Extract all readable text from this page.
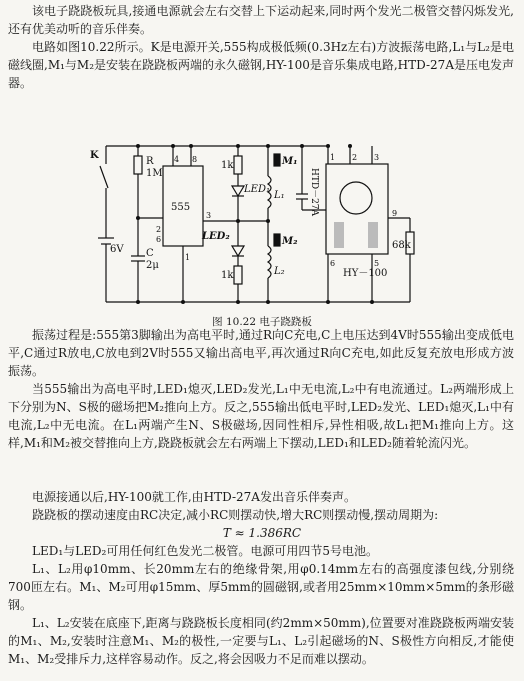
该电子跷跷板玩具,接通电源就会左右交替上下运动起来,同时两个发光二极管交替闪烁发光,还有优美动听的音乐伴奏。
电路如图10.22所示。K是电源开关,555构成极低频(0.3Hz左右)方波振荡电路,L₁与L₂是电磁线圈,M₁与M₂是安装在跷跷板两端的永久磁钢,HY-100是音乐集成电路,HTD-27A是压电发声器。
K
R
1M
555
6V C
2μ
1k
1k
68k
LED₁
LED₂
L₁
L₂
M₁
M₂
HY－100
8
4
3
1
2
6
1 2 3
5
6
9
HTD－27A
图 10.22 电子跷跷板
振荡过程是:555第3脚输出为高电平时,通过R向C充电,C上电压达到4V时555输出变成低电平,C通过R放电,C放电到2V时555又输出高电平,再次通过R向C充电,如此反复充放电形成方波振荡。
当555输出为高电平时,LED₁熄灭,LED₂发光,L₁中无电流,L₂中有电流通过。L₂两端形成上下分别为N、S极的磁场把M₂推向上方。反之,555输出低电平时,LED₂发光、LED₁熄灭,L₁中有电流,L₂中无电流。在L₁两端产生N、S极磁场,因同性相斥,异性相吸,故L₁把M₁推向上方。这样,M₁和M₂被交替推向上方,跷跷板就会左右两端上下摆动,LED₁和LED₂随着轮流闪光。
电源接通以后,HY-100就工作,由HTD-27A发出音乐伴奏声。
跷跷板的摆动速度由RC决定,减小RC则摆动快,增大RC则摆动慢,摆动周期为:
T ≈ 1.386RC
LED₁与LED₂可用任何红色发光二极管。电源可用四节5号电池。
L₁、L₂用φ10mm、长20mm左右的绝缘骨架,用φ0.14mm左右的高强度漆包线,分别绕700匝左右。M₁、M₂可用φ15mm、厚5mm的圆磁钢,或者用25mm×10mm×5mm的条形磁钢。
L₁、L₂安装在底座下,距离与跷跷板长度相同(约2mm×50mm),位置要对准跷跷板两端安装的M₁、M₂,安装时注意M₁、M₂的极性,一定要与L₁、L₂引起磁场的N、S极性方向相反,才能使M₁、M₂受排斥力,这样容易动作。反之,将会因吸力不足而难以摆动。
